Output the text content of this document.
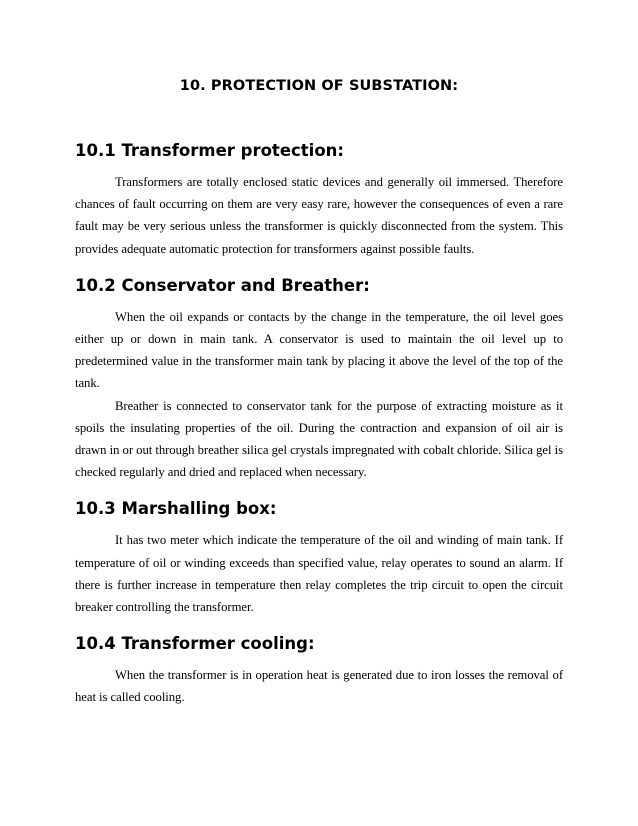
10. PROTECTION OF SUBSTATION:
10.1 Transformer protection:

Transformers are totally enclosed static devices and generally oil immersed. Therefore chances of fault occurring on them are very easy rare, however the consequences of even a rare fault may be very serious unless the transformer is quickly disconnected from the system. This provides adequate automatic protection for transformers against possible faults.

10.2 Conservator and Breather:

When the oil expands or contacts by the change in the temperature, the oil level goes either up or down in main tank. A conservator is used to maintain the oil level up to predetermined value in the transformer main tank by placing it above the level of the top of the tank.

Breather is connected to conservator tank for the purpose of extracting moisture as it spoils the insulating properties of the oil. During the contraction and expansion of oil air is drawn in or out through breather silica gel crystals impregnated with cobalt chloride. Silica gel is checked regularly and dried and replaced when necessary.

10.3 Marshalling box:

It has two meter which indicate the temperature of the oil and winding of main tank. If temperature of oil or winding exceeds than specified value, relay operates to sound an alarm. If there is further increase in temperature then relay completes the trip circuit to open the circuit breaker controlling the transformer.

10.4 Transformer cooling:

When the transformer is in operation heat is generated due to iron losses the removal of heat is called cooling.
